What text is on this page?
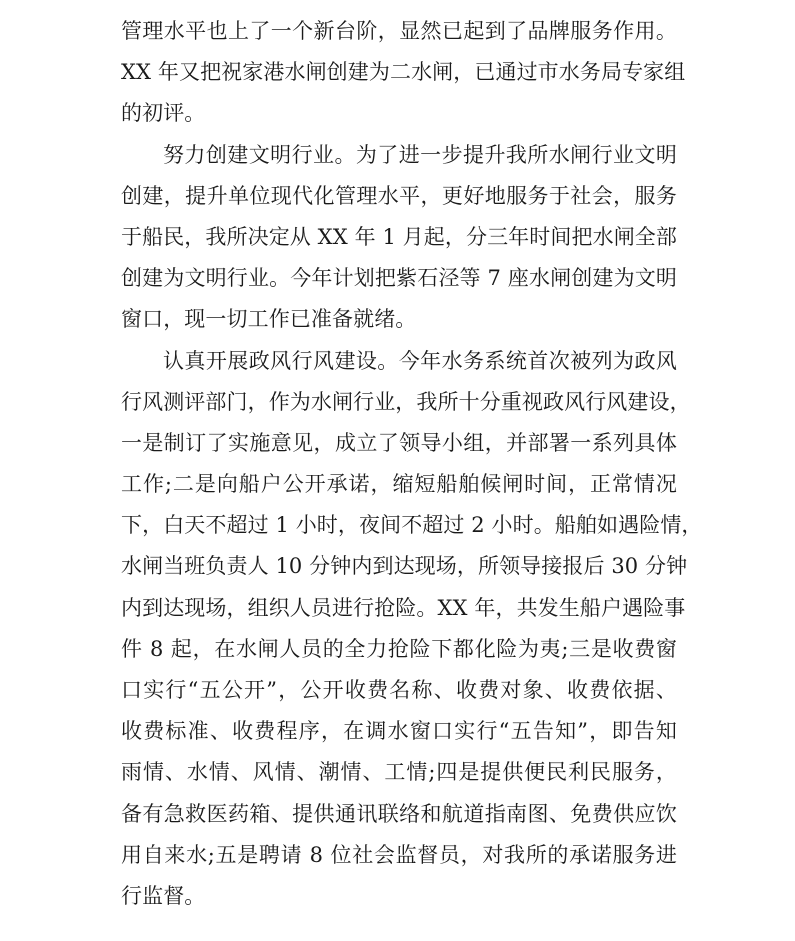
管理水平也上了一个新台阶，显然已起到了品牌服务作用。
XX 年又把祝家港水闸创建为二水闸，已通过市水务局专家组
的初评。

努力创建文明行业。为了进一步提升我所水闸行业文明
创建，提升单位现代化管理水平，更好地服务于社会，服务
于船民，我所决定从 XX 年 1 月起，分三年时间把水闸全部
创建为文明行业。今年计划把紫石泾等 7 座水闸创建为文明
窗口，现一切工作已准备就绪。

认真开展政风行风建设。今年水务系统首次被列为政风
行风测评部门，作为水闸行业，我所十分重视政风行风建设，
一是制订了实施意见，成立了领导小组，并部署一系列具体
工作;二是向船户公开承诺，缩短船舶候闸时间，正常情况
下，白天不超过 1 小时，夜间不超过 2 小时。船舶如遇险情，
水闸当班负责人 10 分钟内到达现场，所领导接报后 30 分钟
内到达现场，组织人员进行抢险。XX 年，共发生船户遇险事
件 8 起，在水闸人员的全力抢险下都化险为夷;三是收费窗
口实行“五公开”，公开收费名称、收费对象、收费依据、
收费标准、收费程序，在调水窗口实行“五告知”，即告知
雨情、水情、风情、潮情、工情;四是提供便民利民服务，
备有急救医药箱、提供通讯联络和航道指南图、免费供应饮
用自来水;五是聘请 8 位社会监督员，对我所的承诺服务进
行监督。
